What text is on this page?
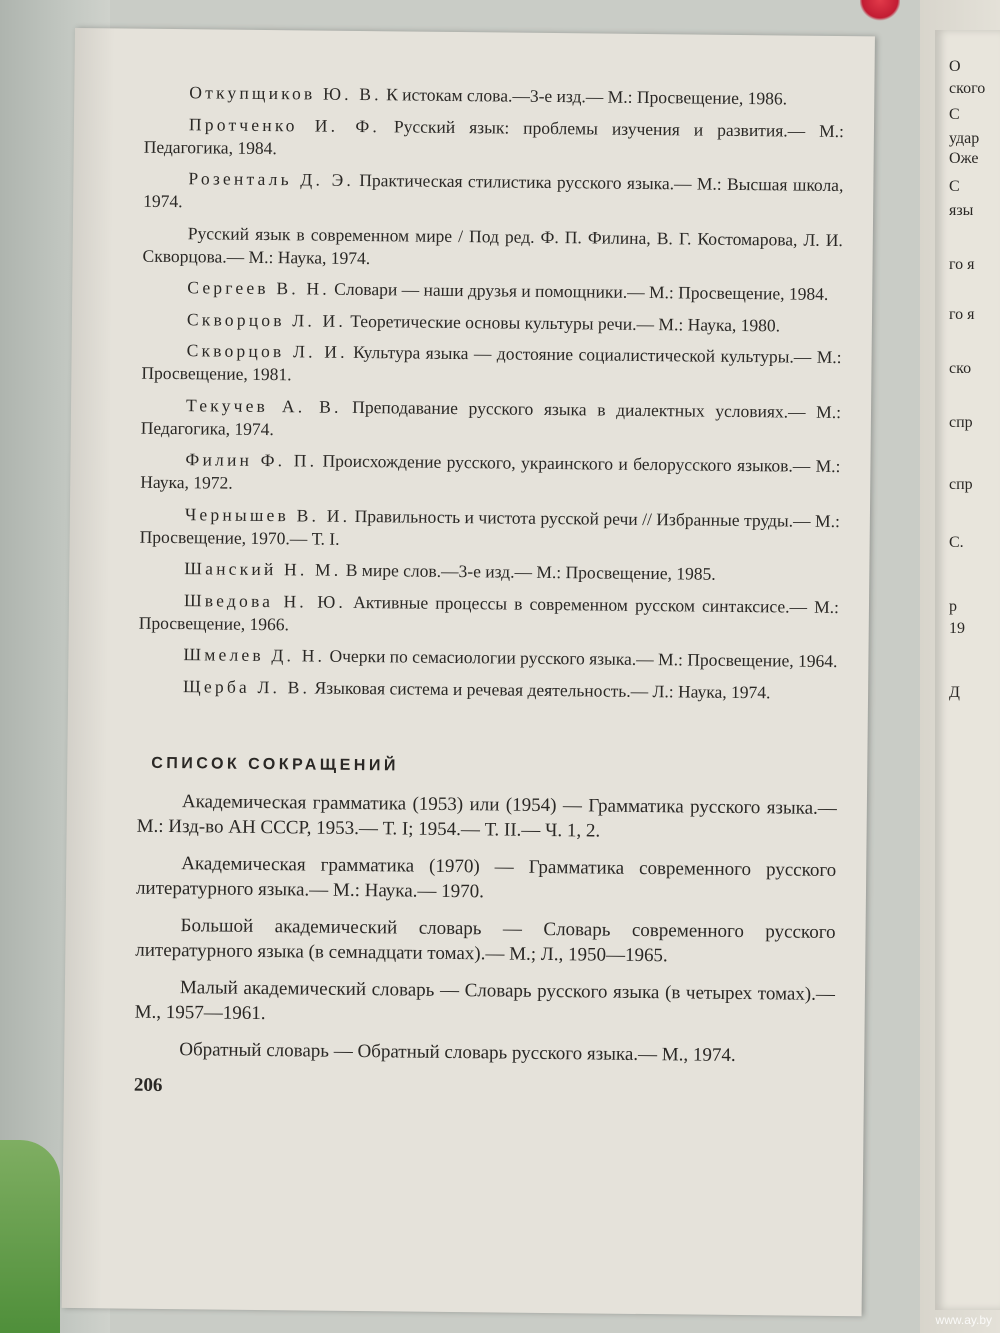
О
ского
С
удар
Оже
С
язы
го я
го я
ско
спр
спр
С.
р
19
Д

Откупщиков Ю. В. К истокам слова.—3-е изд.— М.: Просвещение, 1986.

Протченко И. Ф. Русский язык: проблемы изучения и развития.— М.: Педагогика, 1984.

Розенталь Д. Э. Практическая стилистика русского языка.— М.: Высшая школа, 1974.

Русский язык в современном мире / Под ред. Ф. П. Филина, В. Г. Костомарова, Л. И. Скворцова.— М.: Наука, 1974.

Сергеев В. Н. Словари — наши друзья и помощники.— М.: Просвещение, 1984.

Скворцов Л. И. Теоретические основы культуры речи.— М.: Наука, 1980.

Скворцов Л. И. Культура языка — достояние социалистической культуры.— М.: Просвещение, 1981.

Текучев А. В. Преподавание русского языка в диалектных условиях.— М.: Педагогика, 1974.

Филин Ф. П. Происхождение русского, украинского и белорусского языков.— М.: Наука, 1972.

Чернышев В. И. Правильность и чистота русской речи // Избранные труды.— М.: Просвещение, 1970.— Т. I.

Шанский Н. М. В мире слов.—3-е изд.— М.: Просвещение, 1985.

Шведова Н. Ю. Активные процессы в современном русском синтаксисе.— М.: Просвещение, 1966.

Шмелев Д. Н. Очерки по семасиологии русского языка.— М.: Просвещение, 1964.

Щерба Л. В. Языковая система и речевая деятельность.— Л.: Наука, 1974.

СПИСОК СОКРАЩЕНИЙ

Академическая грамматика (1953) или (1954) — Грамматика русского языка.— М.: Изд-во АН СССР, 1953.— Т. I; 1954.— Т. II.— Ч. 1, 2.

Академическая грамматика (1970) — Грамматика современного русского литературного языка.— М.: Наука.— 1970.

Большой академический словарь — Словарь современного русского литературного языка (в семнадцати томах).— М.; Л., 1950—1965.

Малый академический словарь — Словарь русского языка (в четырех томах).— М., 1957—1961.

Обратный словарь — Обратный словарь русского языка.— М., 1974.

206
www.ay.by
